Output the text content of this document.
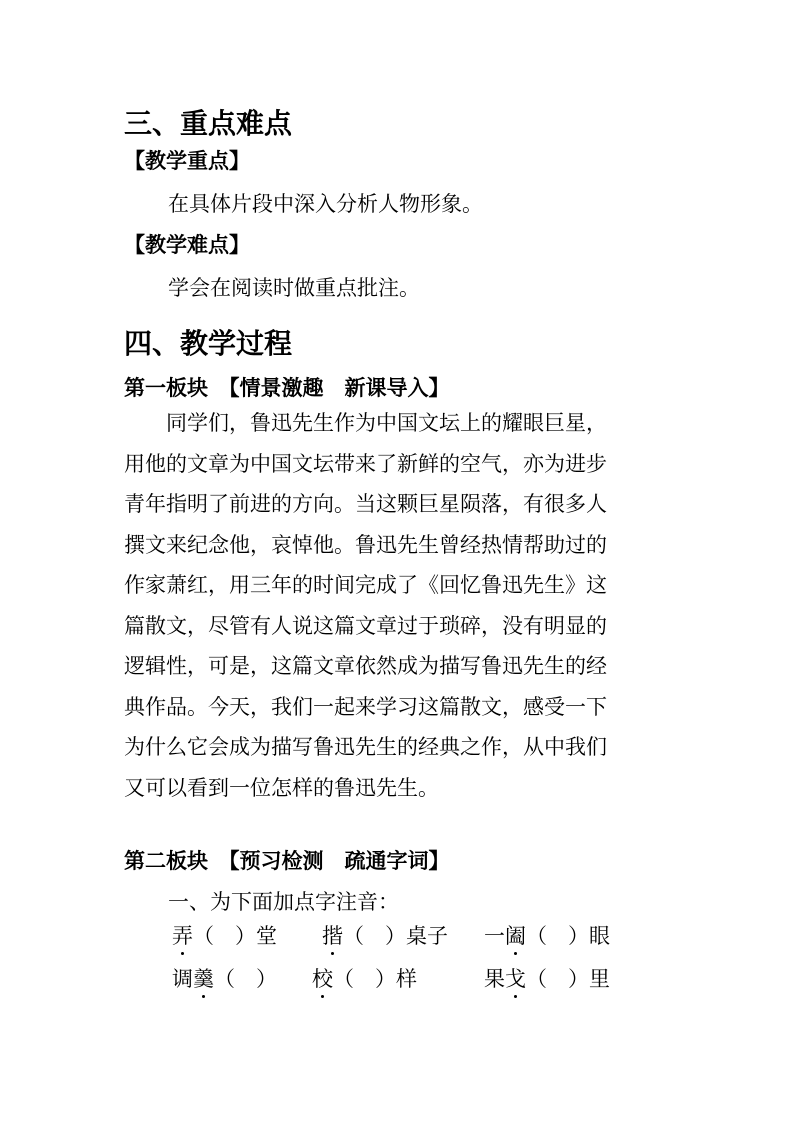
三、重点难点
【教学重点】
在具体片段中深入分析人物形象。
【教学难点】
学会在阅读时做重点批注。
四、教学过程
第一板块　【情景激趣　新课导入】

　　同学们，鲁迅先生作为中国文坛上的耀眼巨星，

用他的文章为中国文坛带来了新鲜的空气，亦为进步

青年指明了前进的方向。当这颗巨星陨落，有很多人

撰文来纪念他，哀悼他。鲁迅先生曾经热情帮助过的

作家萧红，用三年的时间完成了《回忆鲁迅先生》这

篇散文，尽管有人说这篇文章过于琐碎，没有明显的

逻辑性，可是，这篇文章依然成为描写鲁迅先生的经

典作品。今天，我们一起来学习这篇散文，感受一下

为什么它会成为描写鲁迅先生的经典之作，从中我们

又可以看到一位怎样的鲁迅先生。

第二板块　【预习检测　疏通字词】
一、为下面加点字注音：
弄（　）堂 揩（　）桌子 一阖（　）眼
调羹（　） 校（　）样	果戈（　）里
